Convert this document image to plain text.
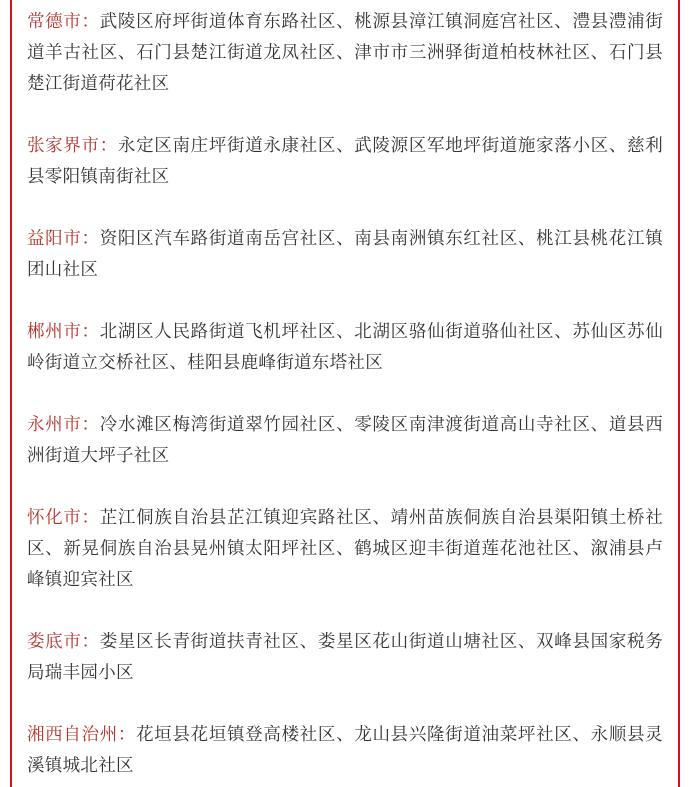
常德市：武陵区府坪街道体育东路社区、桃源县漳江镇洞庭宫社区、澧县澧浦街道羊古社区、石门县楚江街道龙凤社区、津市市三洲驿街道柏枝林社区、石门县楚江街道荷花社区

张家界市：永定区南庄坪街道永康社区、武陵源区军地坪街道施家落小区、慈利县零阳镇南街社区

益阳市：资阳区汽车路街道南岳宫社区、南县南洲镇东红社区、桃江县桃花江镇团山社区

郴州市：北湖区人民路街道飞机坪社区、北湖区骆仙街道骆仙社区、苏仙区苏仙岭街道立交桥社区、桂阳县鹿峰街道东塔社区

永州市：冷水滩区梅湾街道翠竹园社区、零陵区南津渡街道高山寺社区、道县西洲街道大坪子社区

怀化市：芷江侗族自治县芷江镇迎宾路社区、靖州苗族侗族自治县渠阳镇土桥社区、新晃侗族自治县晃州镇太阳坪社区、鹤城区迎丰街道莲花池社区、溆浦县卢峰镇迎宾社区

娄底市：娄星区长青街道扶青社区、娄星区花山街道山塘社区、双峰县国家税务局瑞丰园小区

湘西自治州：花垣县花垣镇登高楼社区、龙山县兴隆街道油菜坪社区、永顺县灵溪镇城北社区
